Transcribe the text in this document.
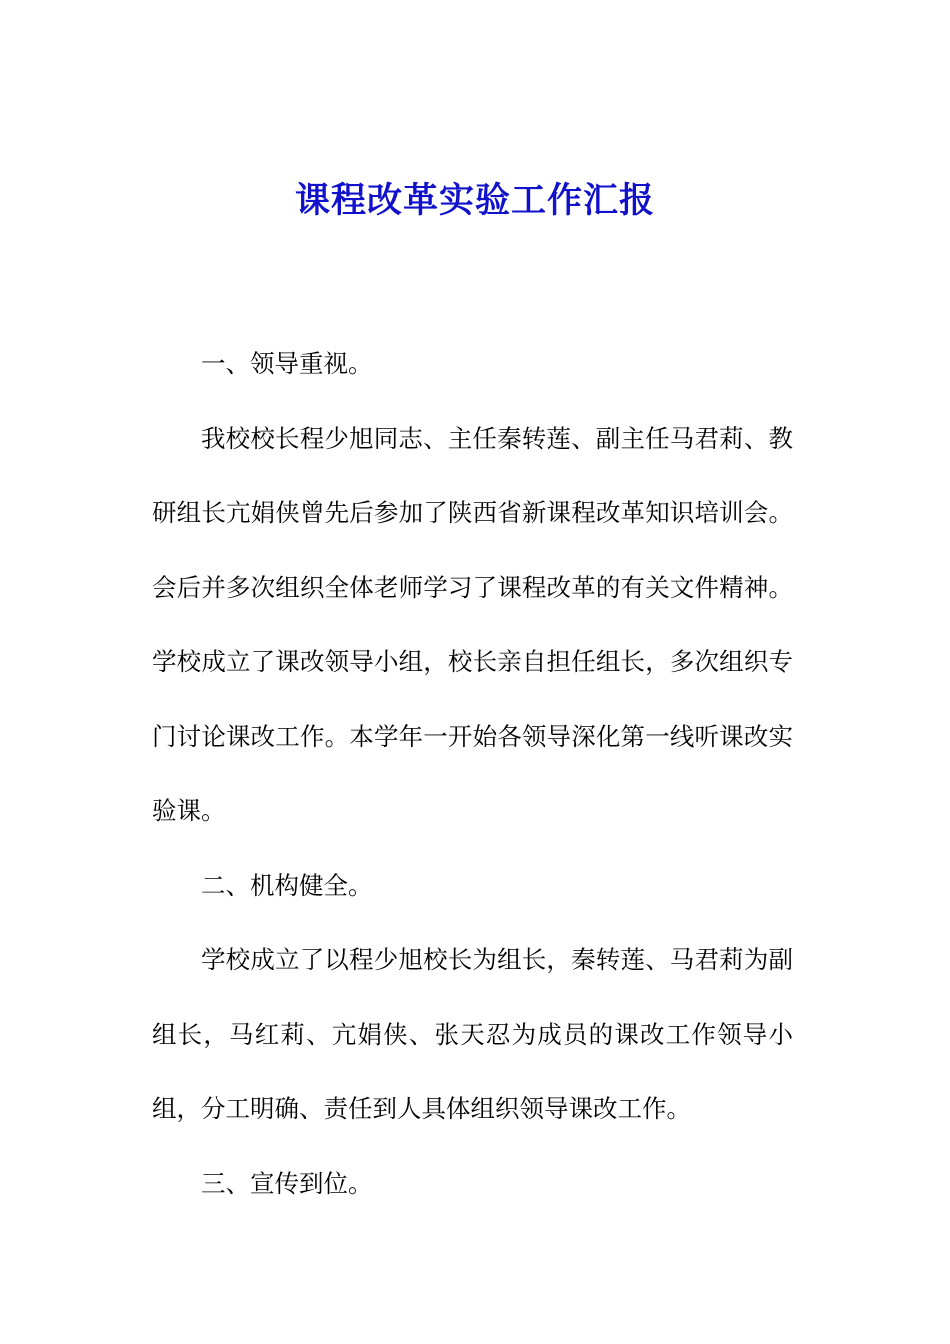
课程改革实验工作汇报

一、领导重视。

我校校长程少旭同志、主任秦转莲、副主任马君莉、教研组长亢娟侠曾先后参加了陕西省新课程改革知识培训会。会后并多次组织全体老师学习了课程改革的有关文件精神。学校成立了课改领导小组，校长亲自担任组长，多次组织专门讨论课改工作。本学年一开始各领导深化第一线听课改实验课。

二、机构健全。

学校成立了以程少旭校长为组长，秦转莲、马君莉为副组长，马红莉、亢娟侠、张天忍为成员的课改工作领导小组，分工明确、责任到人具体组织领导课改工作。

三、宣传到位。
